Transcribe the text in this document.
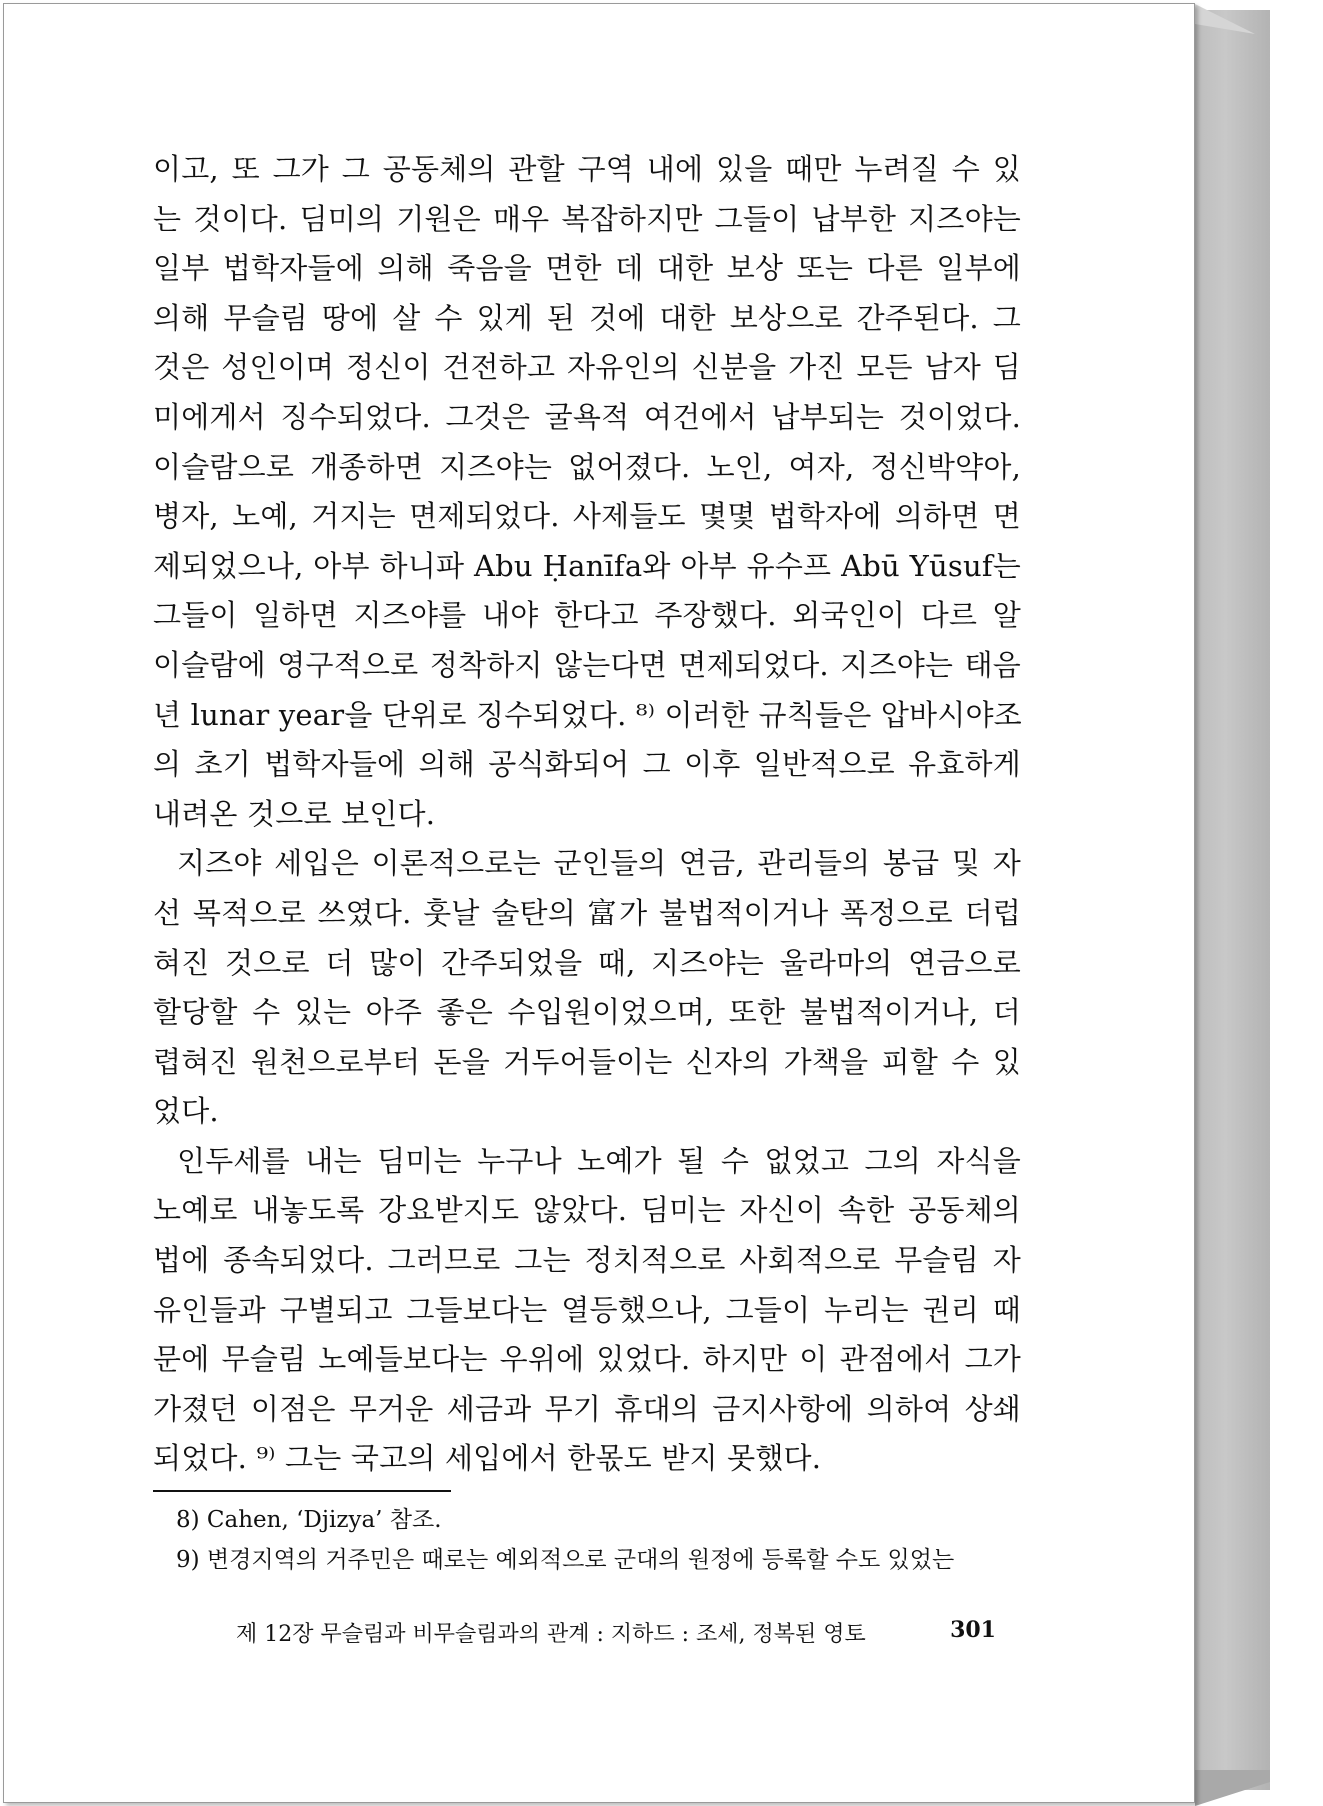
이고, 또 그가 그 공동체의 관할 구역 내에 있을 때만 누려질 수 있
는 것이다. 딤미의 기원은 매우 복잡하지만 그들이 납부한 지즈야는
일부 법학자들에 의해 죽음을 면한 데 대한 보상 또는 다른 일부에
의해 무슬림 땅에 살 수 있게 된 것에 대한 보상으로 간주된다. 그
것은 성인이며 정신이 건전하고 자유인의 신분을 가진 모든 남자 딤
미에게서 징수되었다. 그것은 굴욕적 여건에서 납부되는 것이었다.
이슬람으로 개종하면 지즈야는 없어졌다. 노인, 여자, 정신박약아,
병자, 노예, 거지는 면제되었다. 사제들도 몇몇 법학자에 의하면 면
제되었으나, 아부 하니파 Abu Ḥanīfa와 아부 유수프 Abū Yūsuf는
그들이 일하면 지즈야를 내야 한다고 주장했다. 외국인이 다르 알
이슬람에 영구적으로 정착하지 않는다면 면제되었다. 지즈야는 태음
년 lunar year을 단위로 징수되었다. ⁸⁾ 이러한 규칙들은 압바시야조
의 초기 법학자들에 의해 공식화되어 그 이후 일반적으로 유효하게
내려온 것으로 보인다.
지즈야 세입은 이론적으로는 군인들의 연금, 관리들의 봉급 및 자
선 목적으로 쓰였다. 훗날 술탄의 富가 불법적이거나 폭정으로 더럽
혀진 것으로 더 많이 간주되었을 때, 지즈야는 울라마의 연금으로
할당할 수 있는 아주 좋은 수입원이었으며, 또한 불법적이거나, 더
렵혀진 원천으로부터 돈을 거두어들이는 신자의 가책을 피할 수 있
었다.
인두세를 내는 딤미는 누구나 노예가 될 수 없었고 그의 자식을
노예로 내놓도록 강요받지도 않았다. 딤미는 자신이 속한 공동체의
법에 종속되었다. 그러므로 그는 정치적으로 사회적으로 무슬림 자
유인들과 구별되고 그들보다는 열등했으나, 그들이 누리는 권리 때
문에 무슬림 노예들보다는 우위에 있었다. 하지만 이 관점에서 그가
가졌던 이점은 무거운 세금과 무기 휴대의 금지사항에 의하여 상쇄
되었다. ⁹⁾ 그는 국고의 세입에서 한몫도 받지 못했다.
8) Cahen, ‘Djizya’ 참조.
9) 변경지역의 거주민은 때로는 예외적으로 군대의 원정에 등록할 수도 있었는
제 12장 무슬림과 비무슬림과의 관계 : 지하드 : 조세, 정복된 영토	301
